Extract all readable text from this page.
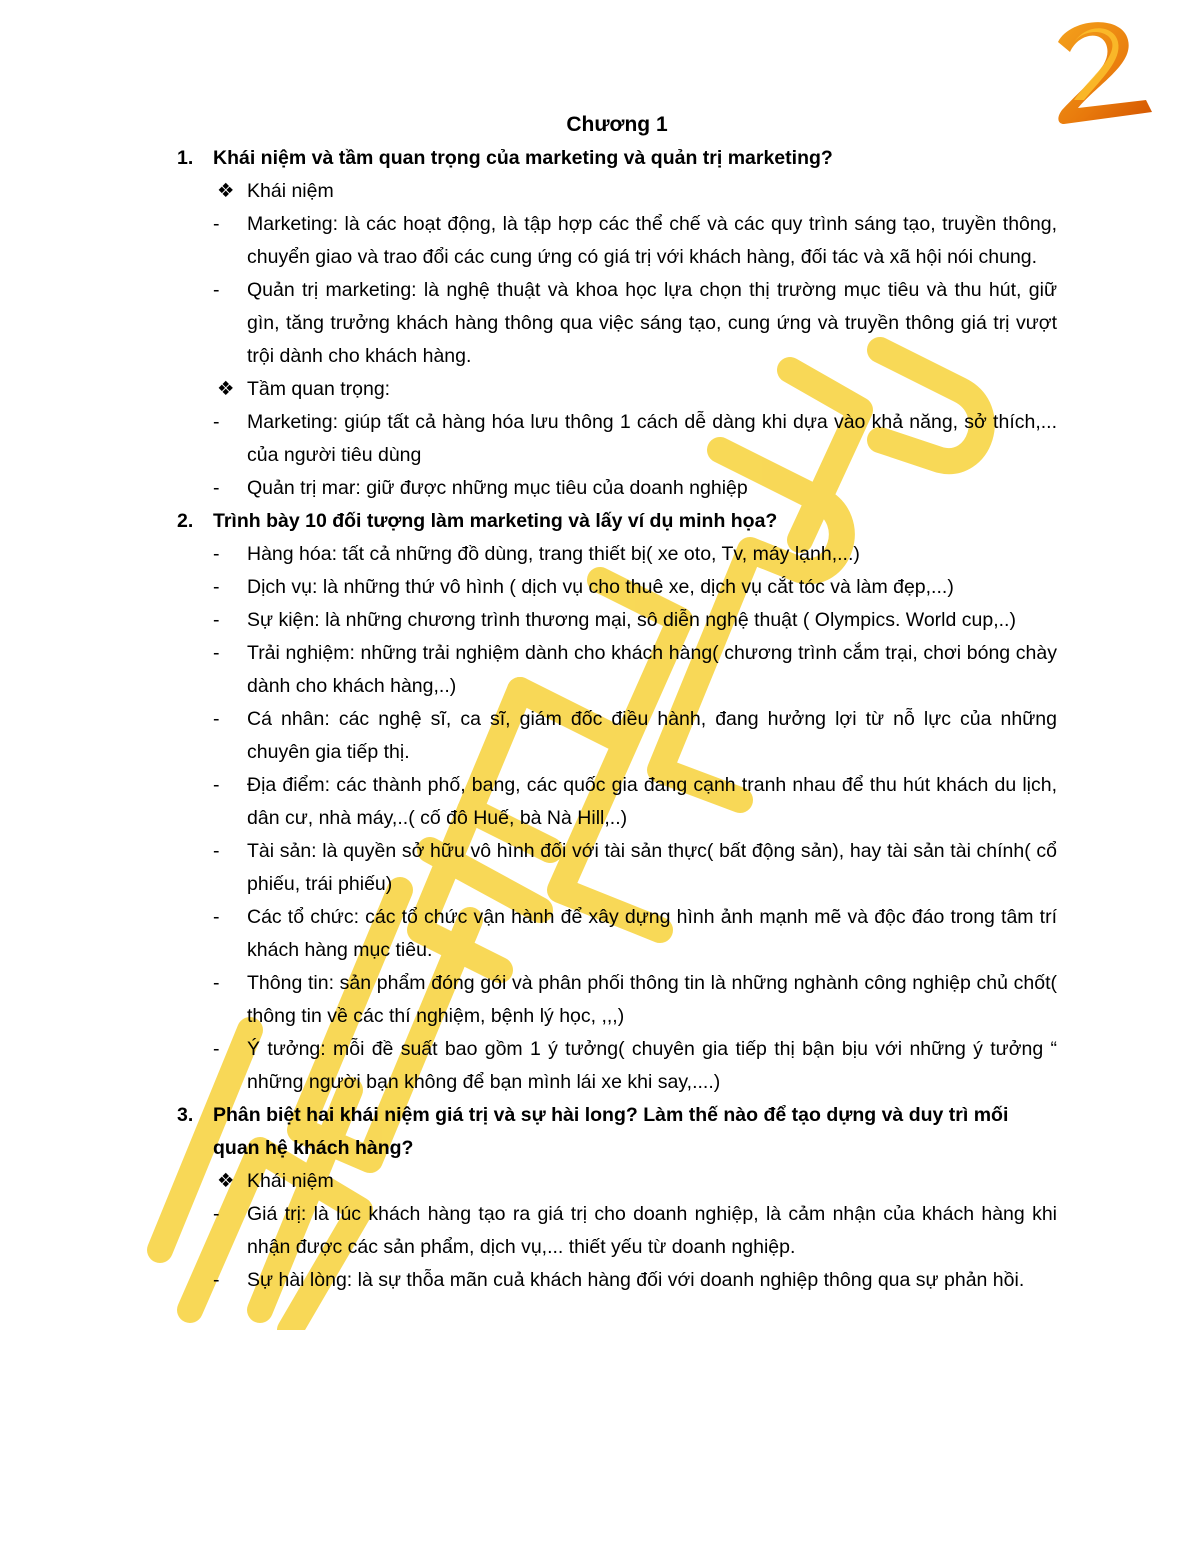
Chương 1
1. Khái niệm và tầm quan trọng của marketing và quản trị marketing?
❖ Khái niệm
- Marketing: là các hoạt động, là tập hợp các thể chế và các quy trình sáng tạo, truyền thông, chuyển giao và trao đổi các cung ứng có giá trị với khách hàng, đối tác và xã hội nói chung.
- Quản trị marketing: là nghệ thuật và khoa học lựa chọn thị trường mục tiêu và thu hút, giữ gìn, tăng trưởng khách hàng thông qua việc sáng tạo, cung ứng và truyền thông giá trị vượt trội dành cho khách hàng.
❖ Tầm quan trọng:
- Marketing: giúp tất cả hàng hóa lưu thông 1 cách dễ dàng khi dựa vào khả năng, sở thích,... của người tiêu dùng
- Quản trị mar: giữ được những mục tiêu của doanh nghiệp
2. Trình bày 10 đối tượng làm marketing và lấy ví dụ minh họa?
- Hàng hóa: tất cả những đồ dùng, trang thiết bị( xe oto, Tv, máy lạnh,...)
- Dịch vụ: là những thứ vô hình ( dịch vụ cho thuê xe, dịch vụ cắt tóc và làm đẹp,...)
- Sự kiện: là những chương trình thương mại, sô diễn nghệ thuật ( Olympics. World cup,..)
- Trải nghiệm: những trải nghiệm dành cho khách hàng( chương trình cắm trại, chơi bóng chày dành cho khách hàng,..)
- Cá nhân: các nghệ sĩ, ca sĩ, giám đốc điều hành, đang hưởng lợi từ nỗ lực của những chuyên gia tiếp thị.
- Địa điểm: các thành phố, bang, các quốc gia đang cạnh tranh nhau để thu hút khách du lịch, dân cư, nhà máy,..( cố đô Huế, bà Nà Hill,..)
- Tài sản: là quyền sở hữu vô hình đối với tài sản thực( bất động sản), hay tài sản tài chính( cổ phiếu, trái phiếu)
- Các tổ chức: các tổ chức vận hành để xây dựng hình ảnh mạnh mẽ và độc đáo trong tâm trí khách hàng mục tiêu.
- Thông tin: sản phẩm đóng gói và phân phối thông tin là những nghành công nghiệp chủ chốt( thông tin về các thí nghiệm, bệnh lý học, ,,,)
- Ý tưởng: mỗi đề suất bao gồm 1 ý tưởng( chuyên gia tiếp thị bận bịu với những ý tưởng “ những người bạn không để bạn mình lái xe khi say,....)
3. Phân biệt hai khái niệm giá trị và sự hài long? Làm thế nào để tạo dựng và duy trì mối quan hệ khách hàng?
❖ Khái niệm
- Giá trị: là lúc khách hàng tạo ra giá trị cho doanh nghiệp, là cảm nhận của khách hàng khi nhận được các sản phẩm, dịch vụ,... thiết yếu từ doanh nghiệp.
- Sự hài lòng: là sự thỗa mãn cuả khách hàng đối với doanh nghiệp thông qua sự phản hồi.
